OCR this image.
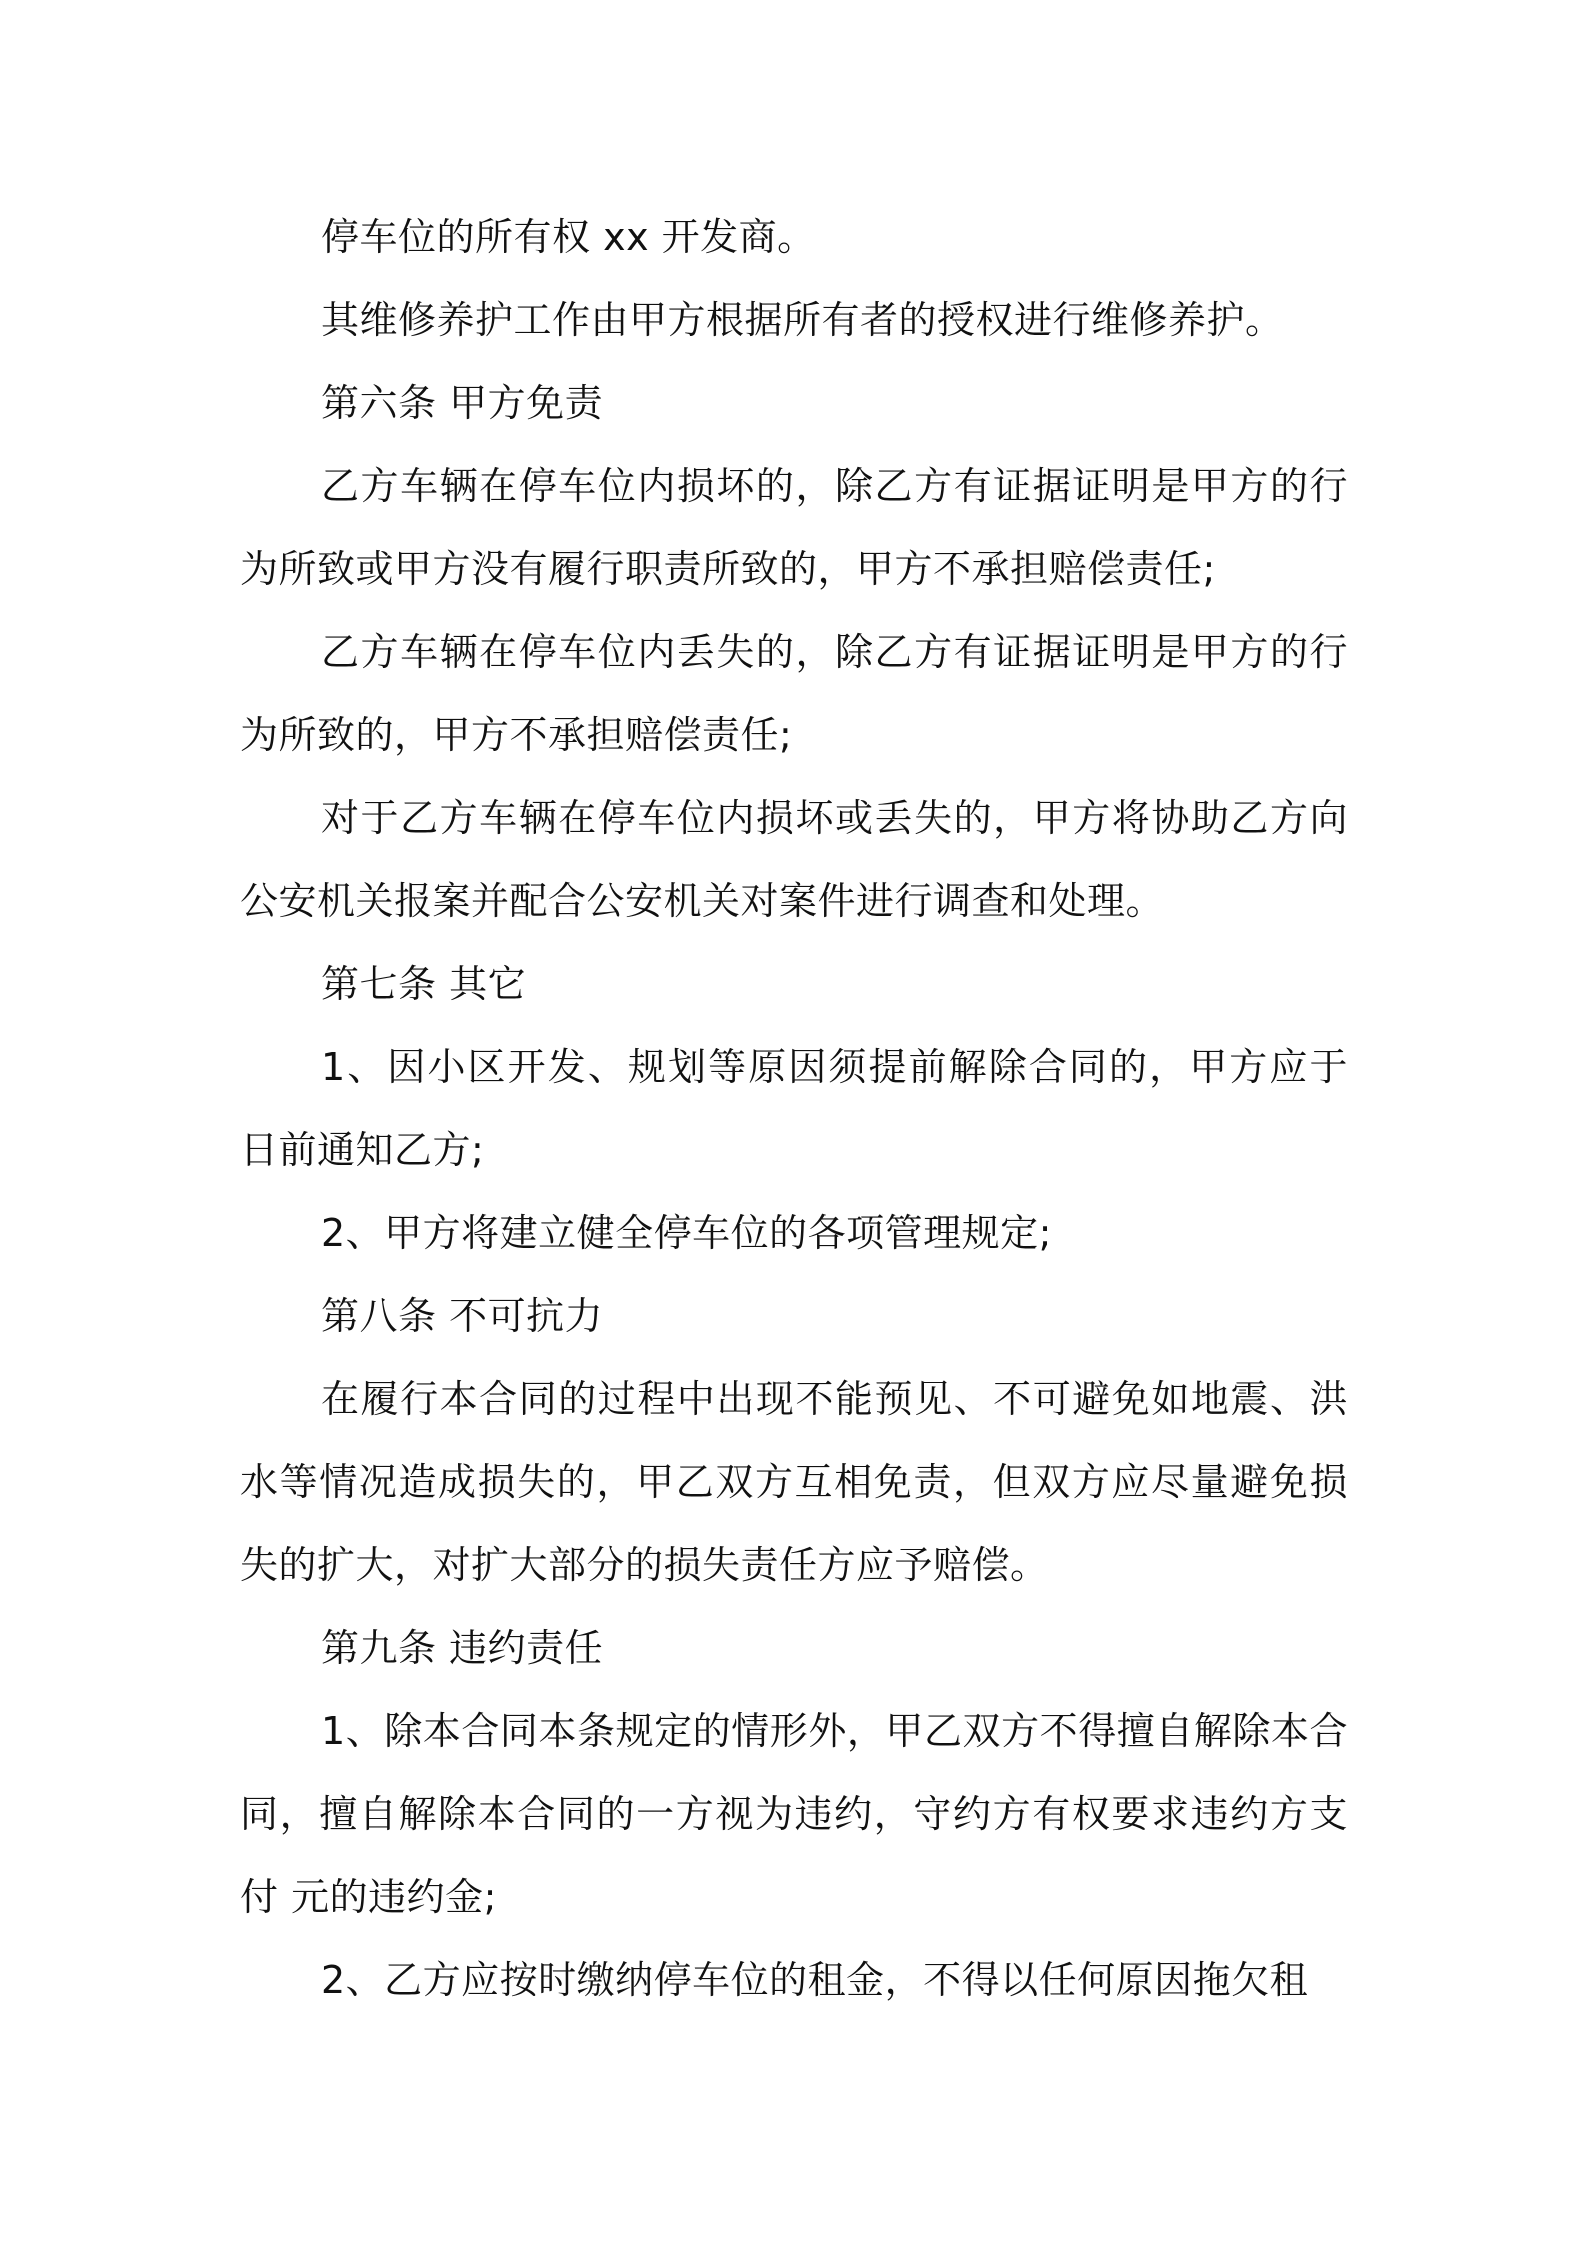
停车位的所有权 xx 开发商。

其维修养护工作由甲方根据所有者的授权进行维修养护。

第六条 甲方免责

乙方车辆在停车位内损坏的，除乙方有证据证明是甲方的行为所致或甲方没有履行职责所致的，甲方不承担赔偿责任;

乙方车辆在停车位内丢失的，除乙方有证据证明是甲方的行为所致的，甲方不承担赔偿责任;

对于乙方车辆在停车位内损坏或丢失的，甲方将协助乙方向公安机关报案并配合公安机关对案件进行调查和处理。

第七条 其它

1、因小区开发、规划等原因须提前解除合同的，甲方应于 日前通知乙方;

2、甲方将建立健全停车位的各项管理规定;

第八条 不可抗力

在履行本合同的过程中出现不能预见、不可避免如地震、洪水等情况造成损失的，甲乙双方互相免责，但双方应尽量避免损失的扩大，对扩大部分的损失责任方应予赔偿。

第九条 违约责任

1、除本合同本条规定的情形外，甲乙双方不得擅自解除本合同，擅自解除本合同的一方视为违约，守约方有权要求违约方支付 元的违约金;

2、乙方应按时缴纳停车位的租金，不得以任何原因拖欠租
